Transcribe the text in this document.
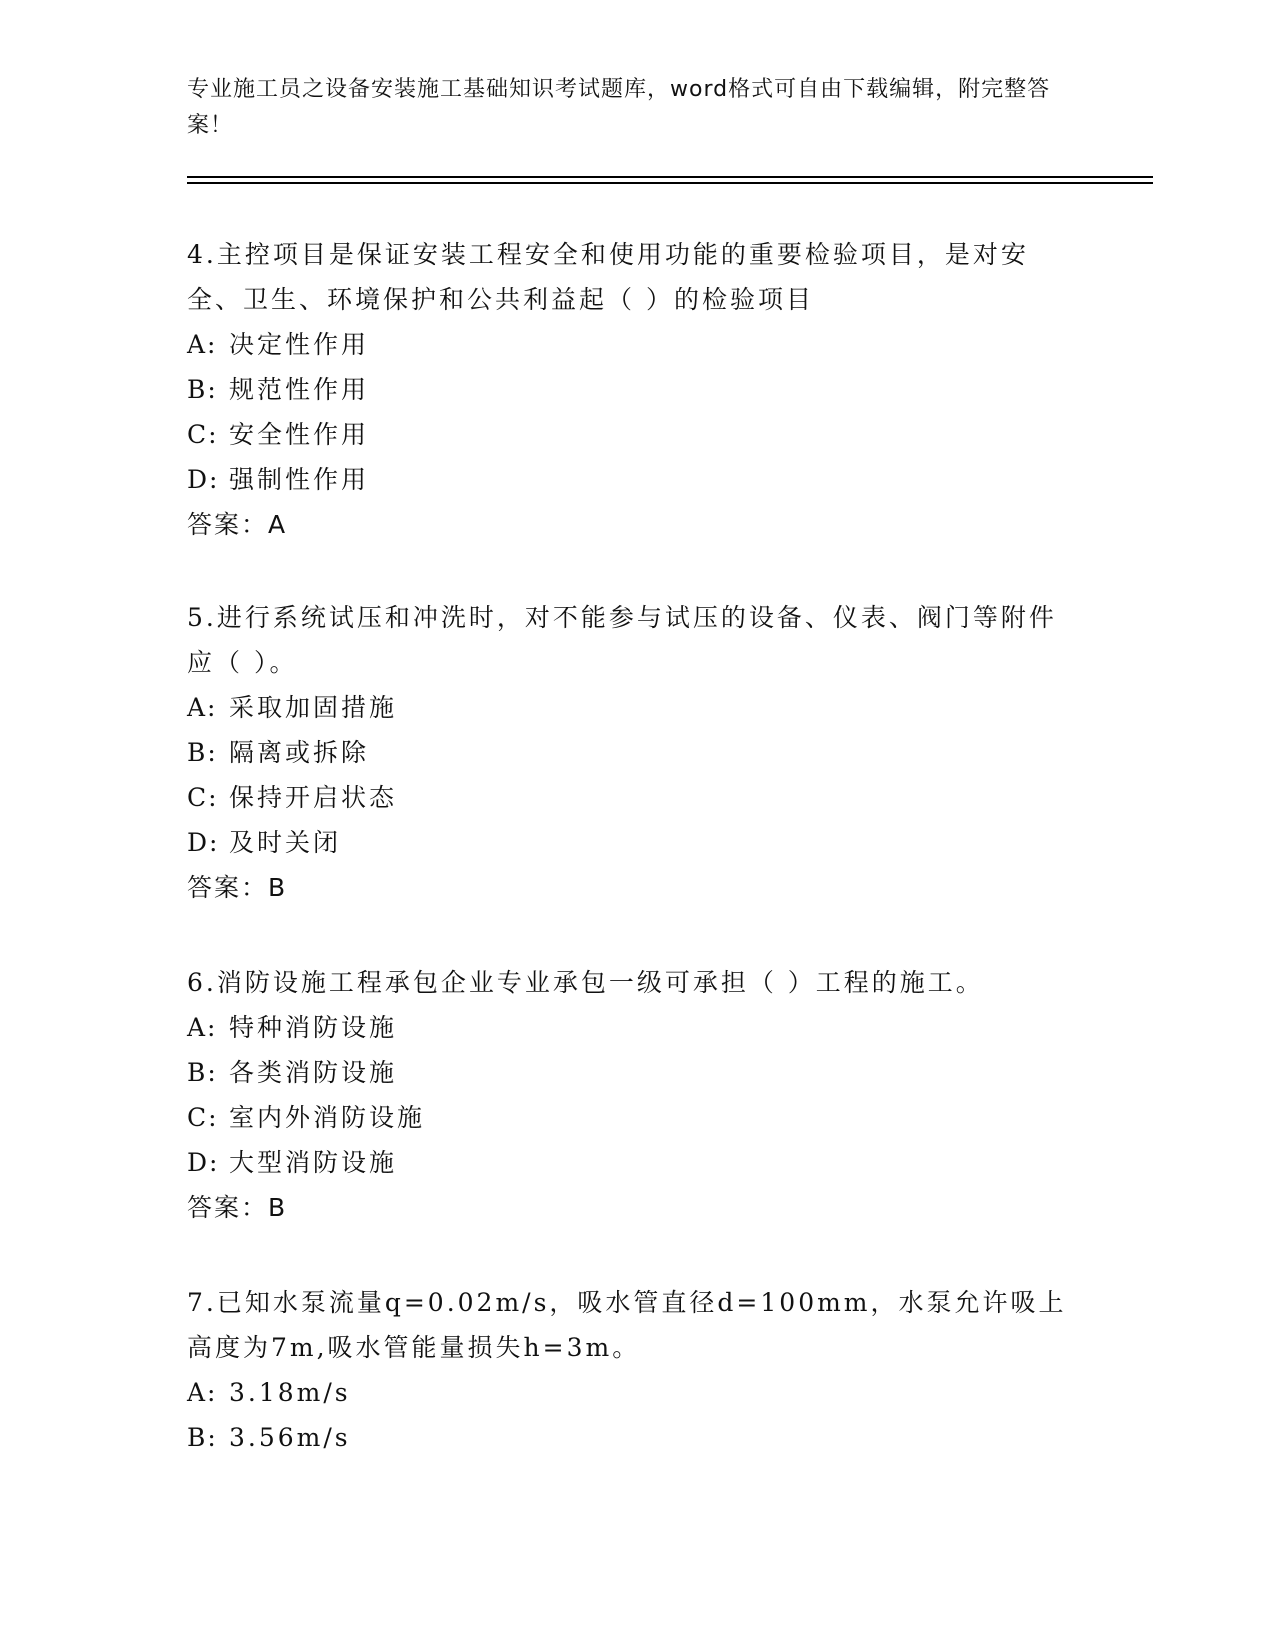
专业施工员之设备安装施工基础知识考试题库，word格式可自由下载编辑，附完整答案！

4.主控项目是保证安装工程安全和使用功能的重要检验项目，是对安全、卫生、环境保护和公共利益起（ ）的检验项目

A: 决定性作用
B: 规范性作用
C: 安全性作用
D: 强制性作用
答案：A

5.进行系统试压和冲洗时，对不能参与试压的设备、仪表、阀门等附件应（ ）。

A: 采取加固措施
B: 隔离或拆除
C: 保持开启状态
D: 及时关闭
答案：B

6.消防设施工程承包企业专业承包一级可承担（ ）工程的施工。

A: 特种消防设施
B: 各类消防设施
C: 室内外消防设施
D: 大型消防设施
答案：B

7.已知水泵流量q=0.02m/s，吸水管直径d=100mm，水泵允许吸上高度为7m,吸水管能量损失h=3m。

A: 3.18m/s
B: 3.56m/s
